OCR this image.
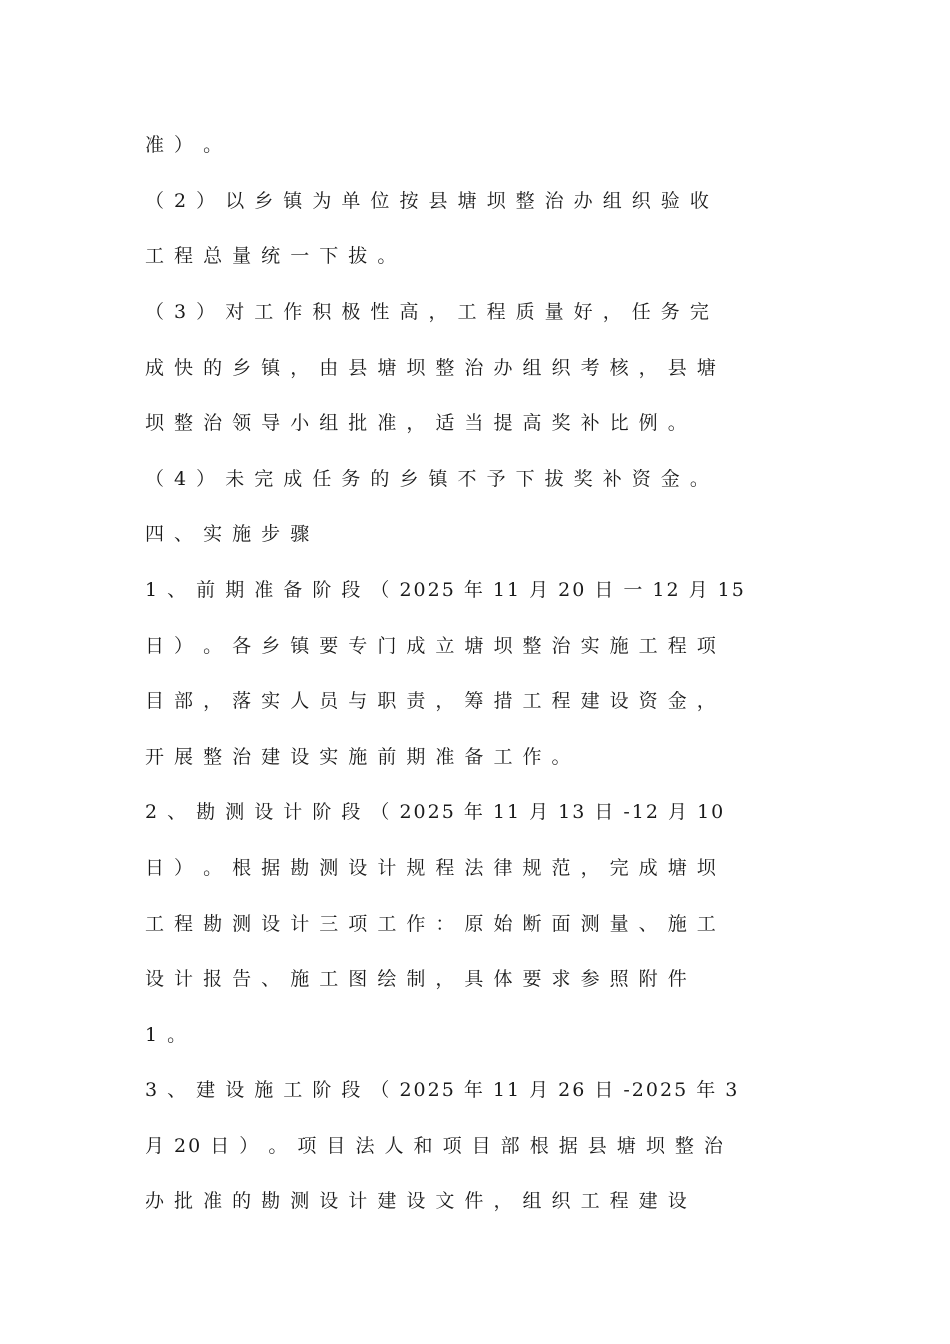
准 ） 。

（ 2 ） 以 乡 镇 为 单 位 按 县 塘 坝 整 治 办 组 织 验 收

工 程 总 量 统 一 下 拔 。

（ 3 ） 对 工 作 积 极 性 高 ， 工 程 质 量 好 ， 任 务 完

成 快 的 乡 镇 ， 由 县 塘 坝 整 治 办 组 织 考 核 ， 县 塘

坝 整 治 领 导 小 组 批 准 ， 适 当 提 高 奖 补 比 例 。

（ 4 ） 未 完 成 任 务 的 乡 镇 不 予 下 拔 奖 补 资 金 。

四 、 实 施 步 骤

1 、 前 期 准 备 阶 段 （ 2025 年 11 月 20 日 一 12 月 15

日 ） 。 各 乡 镇 要 专 门 成 立 塘 坝 整 治 实 施 工 程 项

目 部 ， 落 实 人 员 与 职 责 ， 筹 措 工 程 建 设 资 金 ，

开 展 整 治 建 设 实 施 前 期 准 备 工 作 。

2 、 勘 测 设 计 阶 段 （ 2025 年 11 月 13 日 -12 月 10

日 ） 。 根 据 勘 测 设 计 规 程 法 律 规 范 ， 完 成 塘 坝

工 程 勘 测 设 计 三 项 工 作 ： 原 始 断 面 测 量 、 施 工

设 计 报 告 、 施 工 图 绘 制 ， 具 体 要 求 参 照 附 件

1 。

3 、 建 设 施 工 阶 段 （ 2025 年 11 月 26 日 -2025 年 3

月 20 日 ） 。 项 目 法 人 和 项 目 部 根 据 县 塘 坝 整 治

办 批 准 的 勘 测 设 计 建 设 文 件 ， 组 织 工 程 建 设
